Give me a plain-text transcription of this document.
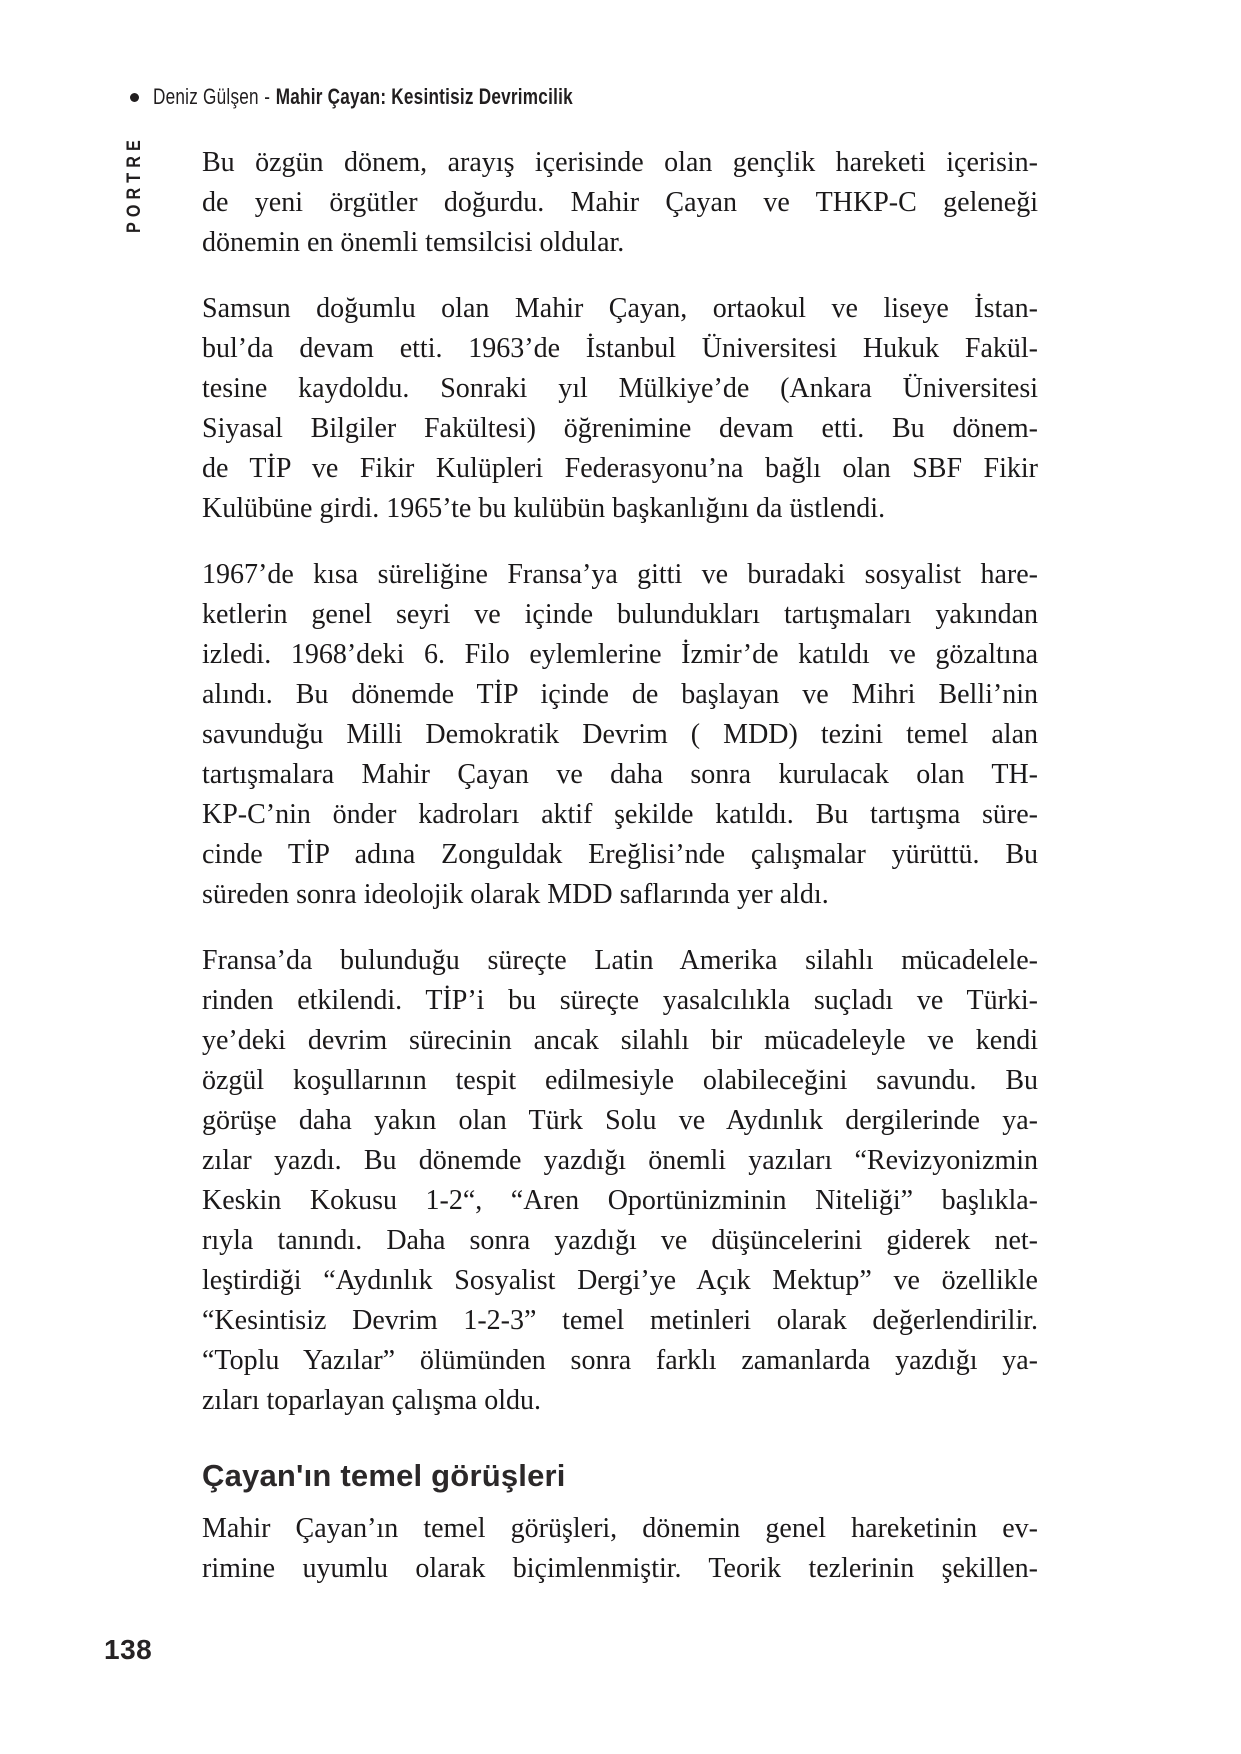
Deniz Gülşen - Mahir Çayan: Kesintisiz Devrimcilik
PORTRE Bu özgün dönem, arayış içerisinde olan gençlik hareketi içerisin-
de yeni örgütler doğurdu. Mahir Çayan ve THKP-C geleneği
dönemin en önemli temsilcisi oldular.
Samsun doğumlu olan Mahir Çayan, ortaokul ve liseye İstan-
bul’da devam etti. 1963’de İstanbul Üniversitesi Hukuk Fakül-
tesine kaydoldu. Sonraki yıl Mülkiye’de (Ankara Üniversitesi
Siyasal Bilgiler Fakültesi) öğrenimine devam etti. Bu dönem-
de TİP ve Fikir Kulüpleri Federasyonu’na bağlı olan SBF Fikir
Kulübüne girdi. 1965’te bu kulübün başkanlığını da üstlendi.
1967’de kısa süreliğine Fransa’ya gitti ve buradaki sosyalist hare-
ketlerin genel seyri ve içinde bulundukları tartışmaları yakından
izledi. 1968’deki 6. Filo eylemlerine İzmir’de katıldı ve gözaltına
alındı. Bu dönemde TİP içinde de başlayan ve Mihri Belli’nin
savunduğu Milli Demokratik Devrim ( MDD) tezini temel alan
tartışmalara Mahir Çayan ve daha sonra kurulacak olan TH-
KP-C’nin önder kadroları aktif şekilde katıldı. Bu tartışma süre-
cinde TİP adına Zonguldak Ereğlisi’nde çalışmalar yürüttü. Bu
süreden sonra ideolojik olarak MDD saflarında yer aldı.
Fransa’da bulunduğu süreçte Latin Amerika silahlı mücadelele-
rinden etkilendi. TİP’i bu süreçte yasalcılıkla suçladı ve Türki-
ye’deki devrim sürecinin ancak silahlı bir mücadeleyle ve kendi
özgül koşullarının tespit edilmesiyle olabileceğini savundu. Bu
görüşe daha yakın olan Türk Solu ve Aydınlık dergilerinde ya-
zılar yazdı. Bu dönemde yazdığı önemli yazıları “Revizyonizmin
Keskin Kokusu 1-2“, “Aren Oportünizminin Niteliği” başlıkla-
rıyla tanındı. Daha sonra yazdığı ve düşüncelerini giderek net-
leştirdiği “Aydınlık Sosyalist Dergi’ye Açık Mektup” ve özellikle
“Kesintisiz Devrim 1-2-3” temel metinleri olarak değerlendirilir.
“Toplu Yazılar” ölümünden sonra farklı zamanlarda yazdığı ya-
zıları toparlayan çalışma oldu.
Çayan'ın temel görüşleri
Mahir Çayan’ın temel görüşleri, dönemin genel hareketinin ev-
rimine uyumlu olarak biçimlenmiştir. Teorik tezlerinin şekillen-
138
